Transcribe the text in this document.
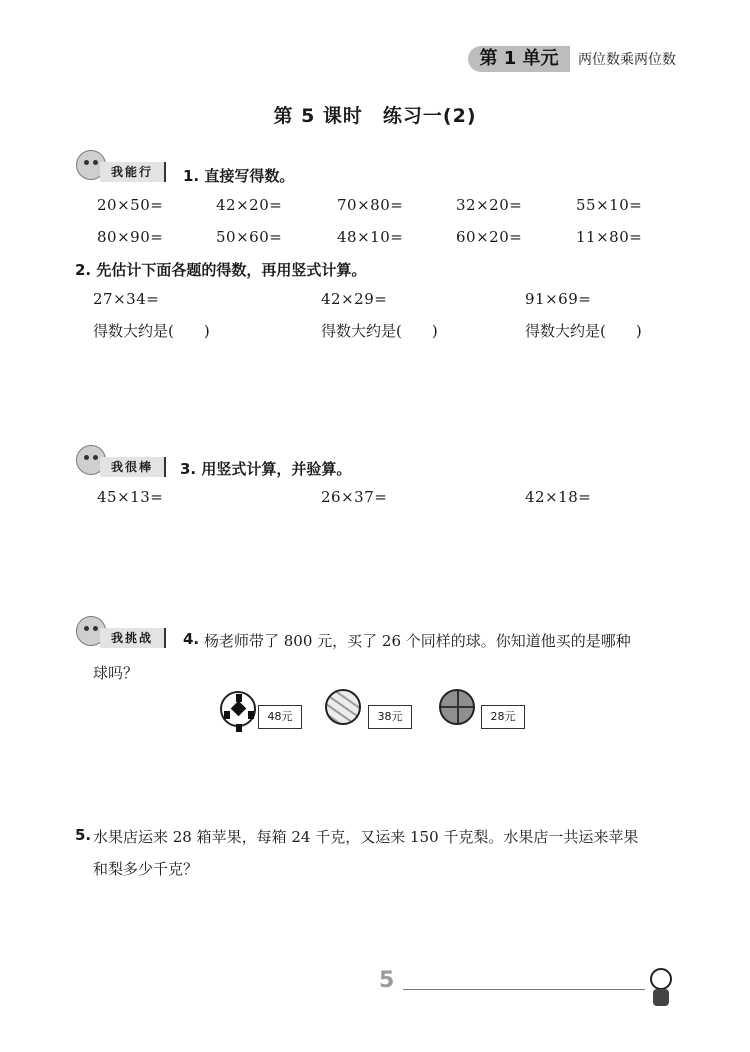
第 1 单元	两位数乘两位数
第 5 课时　练习一(2)
我能行	1. 直接写得数。
20×50=	42×20=	70×80=	32×20=	55×10=
80×90=	50×60=	48×10=	60×20=	11×80=
2. 先估计下面各题的得数，再用竖式计算。
27×34=	42×29=	91×69=
得数大约是(　　)	得数大约是(　　)	得数大约是(　　)
我很棒	3. 用竖式计算，并验算。
45×13=	26×37=	42×18=
我挑战	4. 杨老师带了 800 元，买了 26 个同样的球。你知道他买的是哪种
球吗？
48元	38元	28元
5. 水果店运来 28 箱苹果，每箱 24 千克，又运来 150 千克梨。水果店一共运来苹果
和梨多少千克？
5
